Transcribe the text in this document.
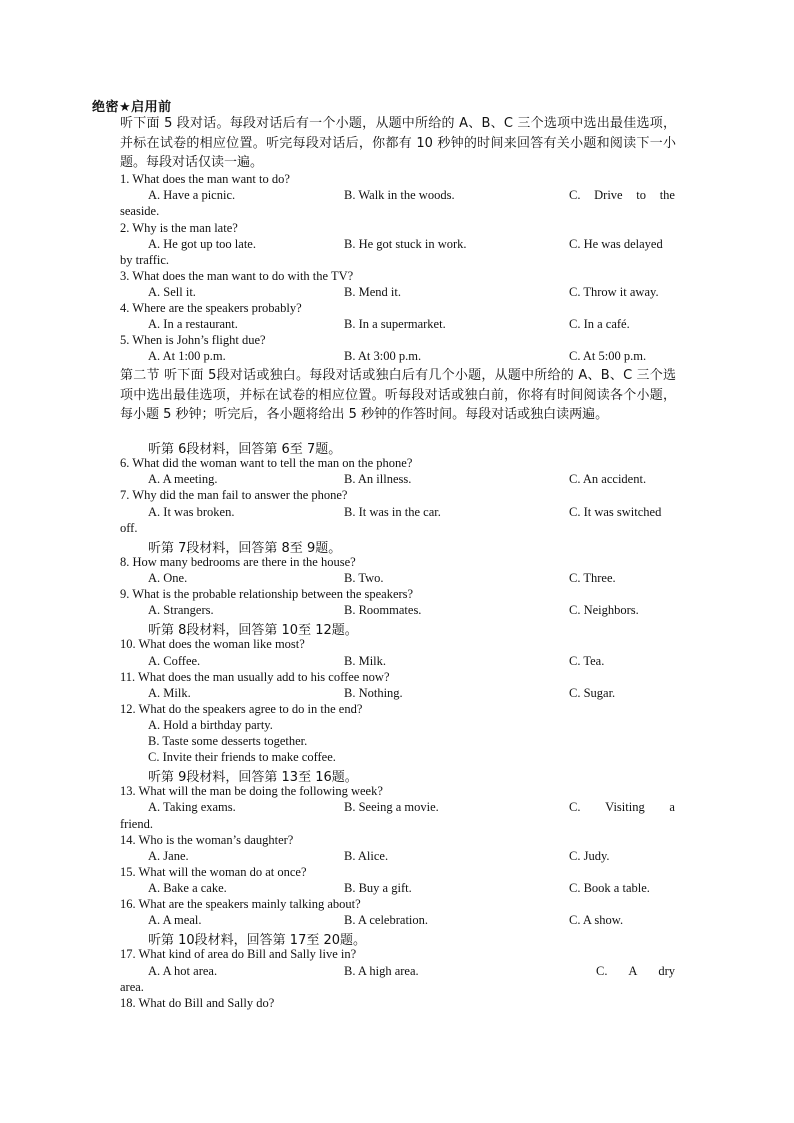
绝密★启用前
听下面 5 段对话。每段对话后有一个小题，从题中所给的 A、B、C 三个选项中选出最佳选项，并标在试卷的相应位置。听完每段对话后，你都有 10 秒钟的时间来回答有关小题和阅读下一小题。每段对话仅读一遍。
1. What does the man want to do?
A. Have a picnic.	B. Walk in the woods.	C. Drive to the
seaside.
2. Why is the man late?
A. He got up too late.	B. He got stuck in work.	C. He was delayed
by traffic.
3. What does the man want to do with the TV?
A. Sell it.	B. Mend it.	C. Throw it away.
4. Where are the speakers probably?
A. In a restaurant.	B. In a supermarket.	C. In a café.
5. When is John’s flight due?
A. At 1:00 p.m.	B. At 3:00 p.m.	C. At 5:00 p.m.
第二节 听下面 5段对话或独白。每段对话或独白后有几个小题，从题中所给的 A、B、C 三个选项中选出最佳选项，并标在试卷的相应位置。听每段对话或独白前，你将有时间阅读各个小题，每小题 5 秒钟；听完后，各小题将给出 5 秒钟的作答时间。每段对话或独白读两遍。
听第 6段材料，回答第 6至 7题。
6. What did the woman want to tell the man on the phone?
A. A meeting.	B. An illness.	C. An accident.
7. Why did the man fail to answer the phone?
A. It was broken.	B. It was in the car.	C. It was switched
off.
听第 7段材料，回答第 8至 9题。
8. How many bedrooms are there in the house?
A. One.	B. Two.	C. Three.
9. What is the probable relationship between the speakers?
A. Strangers.	B. Roommates.	C. Neighbors.
听第 8段材料，回答第 10至 12题。
10. What does the woman like most?
A. Coffee.	B. Milk.	C. Tea.
11. What does the man usually add to his coffee now?
A. Milk.	B. Nothing.	C. Sugar.
12. What do the speakers agree to do in the end?
A. Hold a birthday party.
B. Taste some desserts together.
C. Invite their friends to make coffee.
听第 9段材料，回答第 13至 16题。
13. What will the man be doing the following week?
A. Taking exams.	B. Seeing a movie.	C. Visiting a
friend.
14. Who is the woman’s daughter?
A. Jane.	B. Alice.	C. Judy.
15. What will the woman do at once?
A. Bake a cake.	B. Buy a gift.	C. Book a table.
16. What are the speakers mainly talking about?
A. A meal.	B. A celebration.	C. A show.
听第 10段材料，回答第 17至 20题。
17. What kind of area do Bill and Sally live in?
A. A hot area.	B. A high area.	C. A dry
area.
18. What do Bill and Sally do?
